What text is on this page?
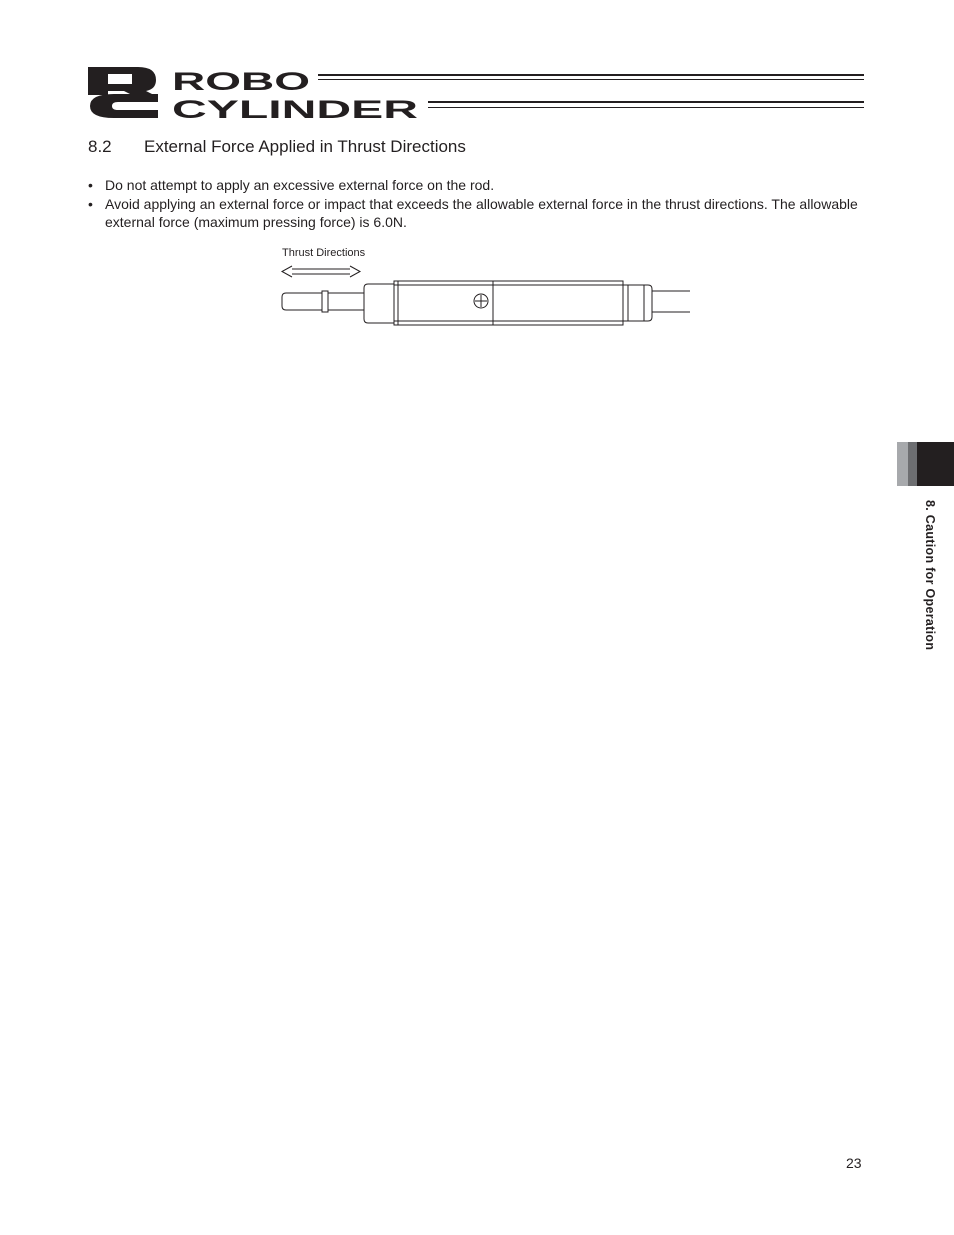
ROBO
CYLINDER
8.2 External Force Applied in Thrust Directions
• Do not attempt to apply an excessive external force on the rod.
• Avoid applying an external force or impact that exceeds the allowable external force in the thrust directions. The allowable external force (maximum pressing force) is 6.0N.
Thrust Directions
8. Caution for Operation
23
